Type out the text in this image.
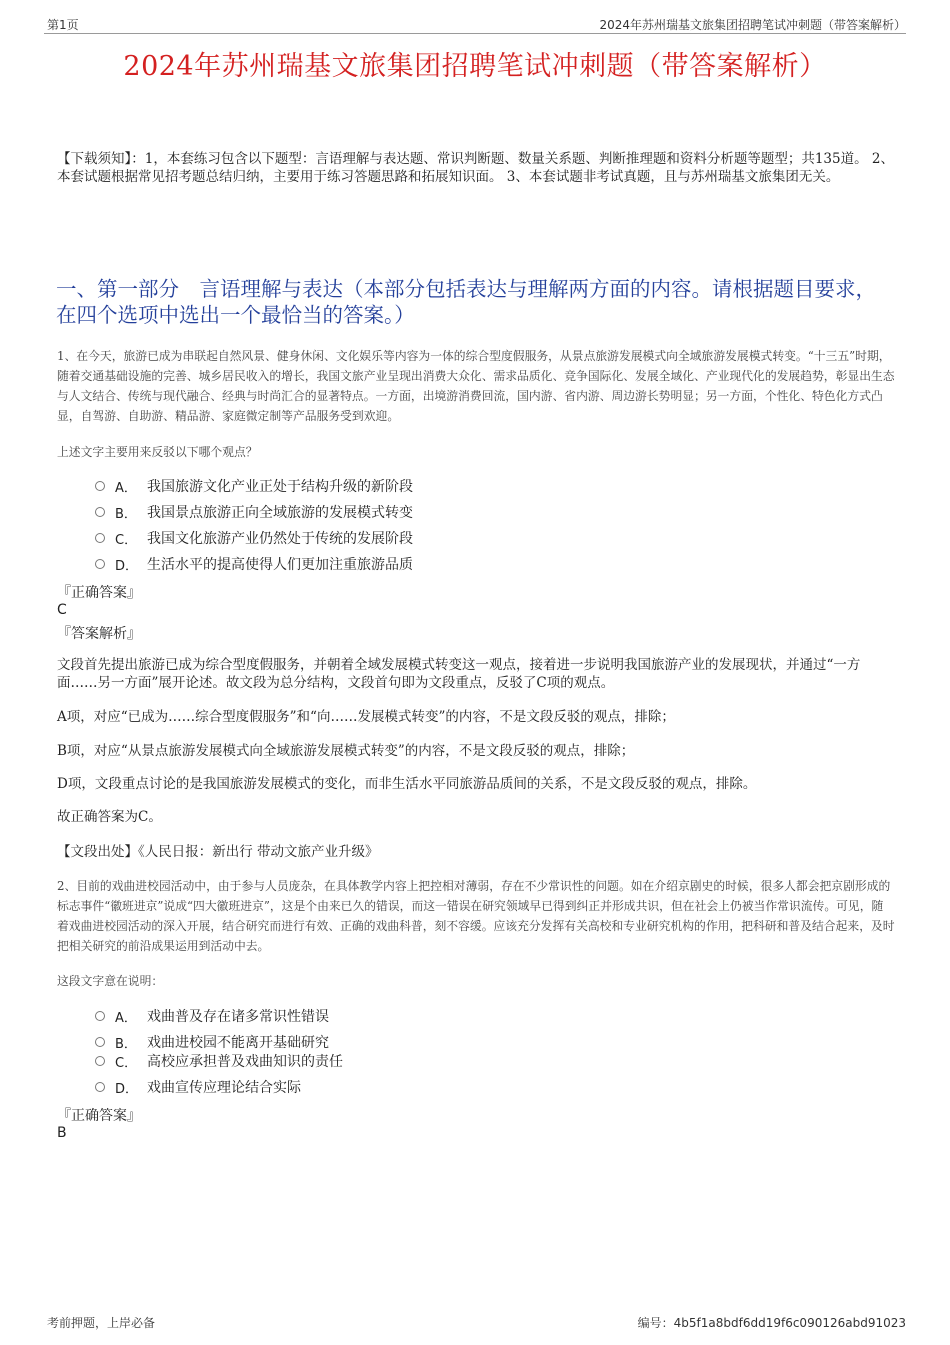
第1页	2024年苏州瑞基文旅集团招聘笔试冲刺题（带答案解析）
2024年苏州瑞基文旅集团招聘笔试冲刺题（带答案解析）
【下载须知】：1，本套练习包含以下题型：言语理解与表达题、常识判断题、数量关系题、判断推理题和资料分析题等题型；共135道。 2、本套试题根据常见招考题总结归纳，主要用于练习答题思路和拓展知识面。 3、本套试题非考试真题，且与苏州瑞基文旅集团无关。
一、第一部分　言语理解与表达（本部分包括表达与理解两方面的内容。请根据题目要求，在四个选项中选出一个最恰当的答案。）
1、在今天，旅游已成为串联起自然风景、健身休闲、文化娱乐等内容为一体的综合型度假服务，从景点旅游发展模式向全域旅游发展模式转变。“十三五”时期，随着交通基础设施的完善、城乡居民收入的增长，我国文旅产业呈现出消费大众化、需求品质化、竞争国际化、发展全域化、产业现代化的发展趋势，彰显出生态与人文结合、传统与现代融合、经典与时尚汇合的显著特点。一方面，出境游消费回流，国内游、省内游、周边游长势明显；另一方面，个性化、特色化方式凸显，自驾游、自助游、精品游、家庭微定制等产品服务受到欢迎。
上述文字主要用来反驳以下哪个观点？
A． 我国旅游文化产业正处于结构升级的新阶段
B． 我国景点旅游正向全域旅游的发展模式转变
C． 我国文化旅游产业仍然处于传统的发展阶段
D． 生活水平的提高使得人们更加注重旅游品质
『正确答案』
C
『答案解析』
文段首先提出旅游已成为综合型度假服务，并朝着全域发展模式转变这一观点，接着进一步说明我国旅游产业的发展现状，并通过“一方面……另一方面”展开论述。故文段为总分结构，文段首句即为文段重点，反驳了C项的观点。
A项，对应“已成为……综合型度假服务”和“向……发展模式转变”的内容，不是文段反驳的观点，排除；
B项，对应“从景点旅游发展模式向全域旅游发展模式转变”的内容，不是文段反驳的观点，排除；
D项，文段重点讨论的是我国旅游发展模式的变化，而非生活水平同旅游品质间的关系，不是文段反驳的观点，排除。
故正确答案为C。
【文段出处】《人民日报：新出行 带动文旅产业升级》
2、目前的戏曲进校园活动中，由于参与人员庞杂，在具体教学内容上把控相对薄弱，存在不少常识性的问题。如在介绍京剧史的时候，很多人都会把京剧形成的标志事件“徽班进京”说成“四大徽班进京”，这是个由来已久的错误，而这一错误在研究领域早已得到纠正并形成共识，但在社会上仍被当作常识流传。可见，随着戏曲进校园活动的深入开展，结合研究而进行有效、正确的戏曲科普，刻不容缓。应该充分发挥有关高校和专业研究机构的作用，把科研和普及结合起来，及时把相关研究的前沿成果运用到活动中去。
这段文字意在说明：
A． 戏曲普及存在诸多常识性错误
B． 戏曲进校园不能离开基础研究
C． 高校应承担普及戏曲知识的责任
D． 戏曲宣传应理论结合实际
『正确答案』
B
考前押题，上岸必备	编号：4b5f1a8bdf6dd19f6c090126abd91023
